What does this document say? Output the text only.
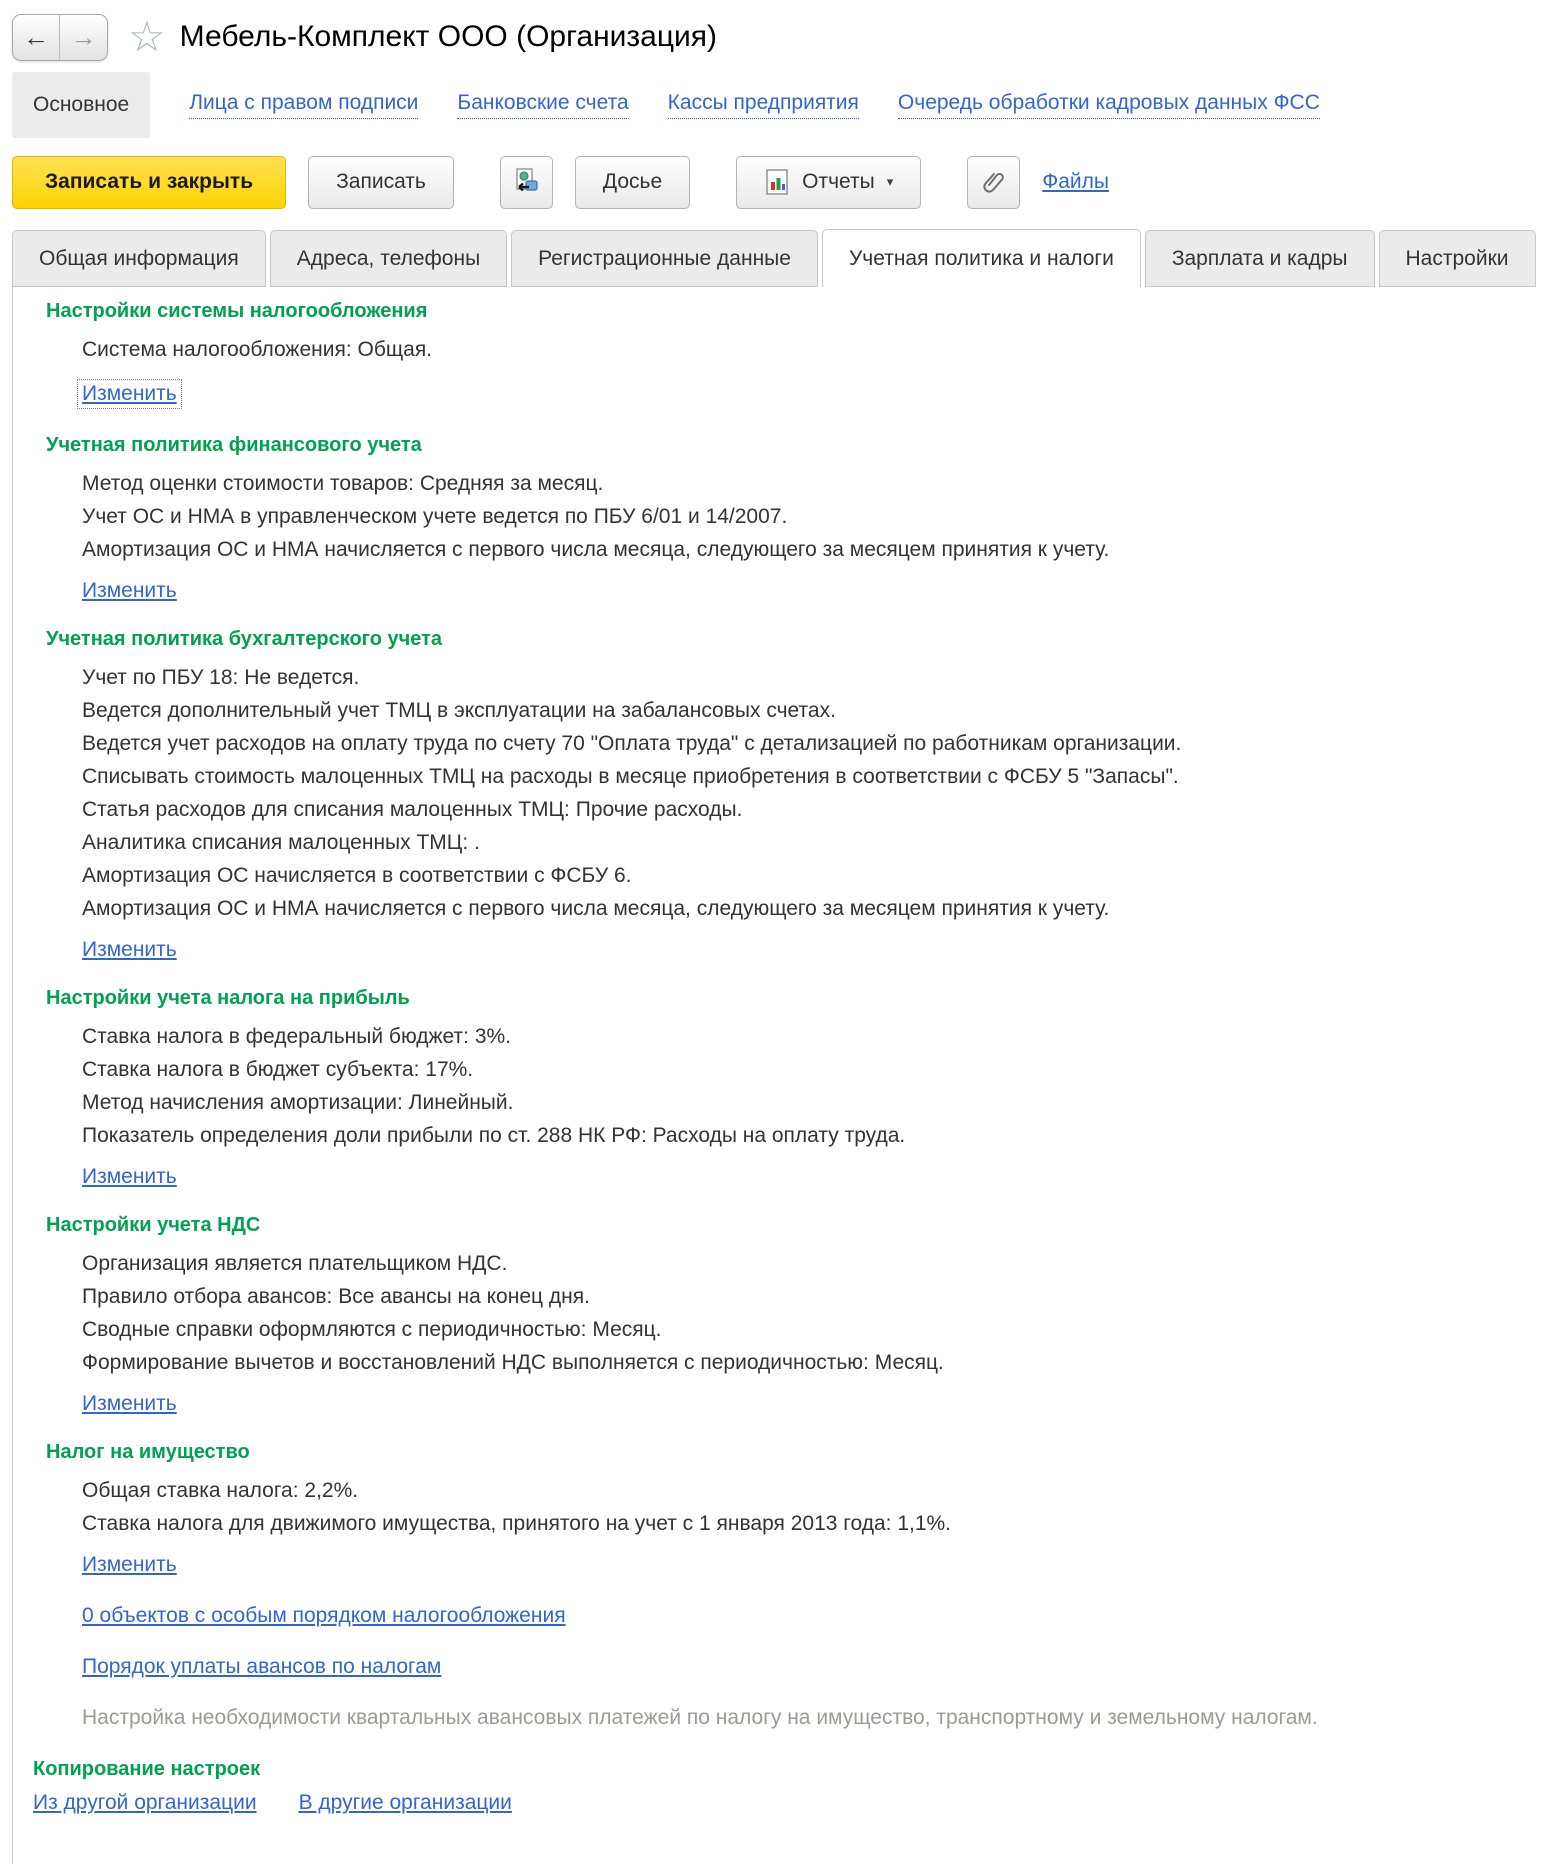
← → ☆ Мебель-Комплект ООО (Организация)
Основное	Лица с правом подписи Банковские счета Кассы предприятия Очередь обработки кадровых данных ФСС
Записать и закрыть	Записать	Досье	Отчеты ▾	Файлы
Общая информация	Адреса, телефоны	Регистрационные данные	Учетная политика и налоги	Зарплата и кадры	Настройки
Настройки системы налогообложения
Система налогообложения: Общая.
Изменить
Учетная политика финансового учета
Метод оценки стоимости товаров: Средняя за месяц.
Учет ОС и НМА в управленческом учете ведется по ПБУ 6/01 и 14/2007.
Амортизация ОС и НМА начисляется с первого числа месяца, следующего за месяцем принятия к учету.
Изменить
Учетная политика бухгалтерского учета
Учет по ПБУ 18: Не ведется.
Ведется дополнительный учет ТМЦ в эксплуатации на забалансовых счетах.
Ведется учет расходов на оплату труда по счету 70 "Оплата труда" с детализацией по работникам организации.
Списывать стоимость малоценных ТМЦ на расходы в месяце приобретения в соответствии с ФСБУ 5 "Запасы".
Статья расходов для списания малоценных ТМЦ: Прочие расходы.
Аналитика списания малоценных ТМЦ: .
Амортизация ОС начисляется в соответствии с ФСБУ 6.
Амортизация ОС и НМА начисляется с первого числа месяца, следующего за месяцем принятия к учету.
Изменить
Настройки учета налога на прибыль
Ставка налога в федеральный бюджет: 3%.
Ставка налога в бюджет субъекта: 17%.
Метод начисления амортизации: Линейный.
Показатель определения доли прибыли по ст. 288 НК РФ: Расходы на оплату труда.
Изменить
Настройки учета НДС
Организация является плательщиком НДС.
Правило отбора авансов: Все авансы на конец дня.
Сводные справки оформляются с периодичностью: Месяц.
Формирование вычетов и восстановлений НДС выполняется с периодичностью: Месяц.
Изменить
Налог на имущество
Общая ставка налога: 2,2%.
Ставка налога для движимого имущества, принятого на учет с 1 января 2013 года: 1,1%.
Изменить
0 объектов с особым порядком налогообложения
Порядок уплаты авансов по налогам
Настройка необходимости квартальных авансовых платежей по налогу на имущество, транспортному и земельному налогам.
Копирование настроек
Из другой организации В другие организации
